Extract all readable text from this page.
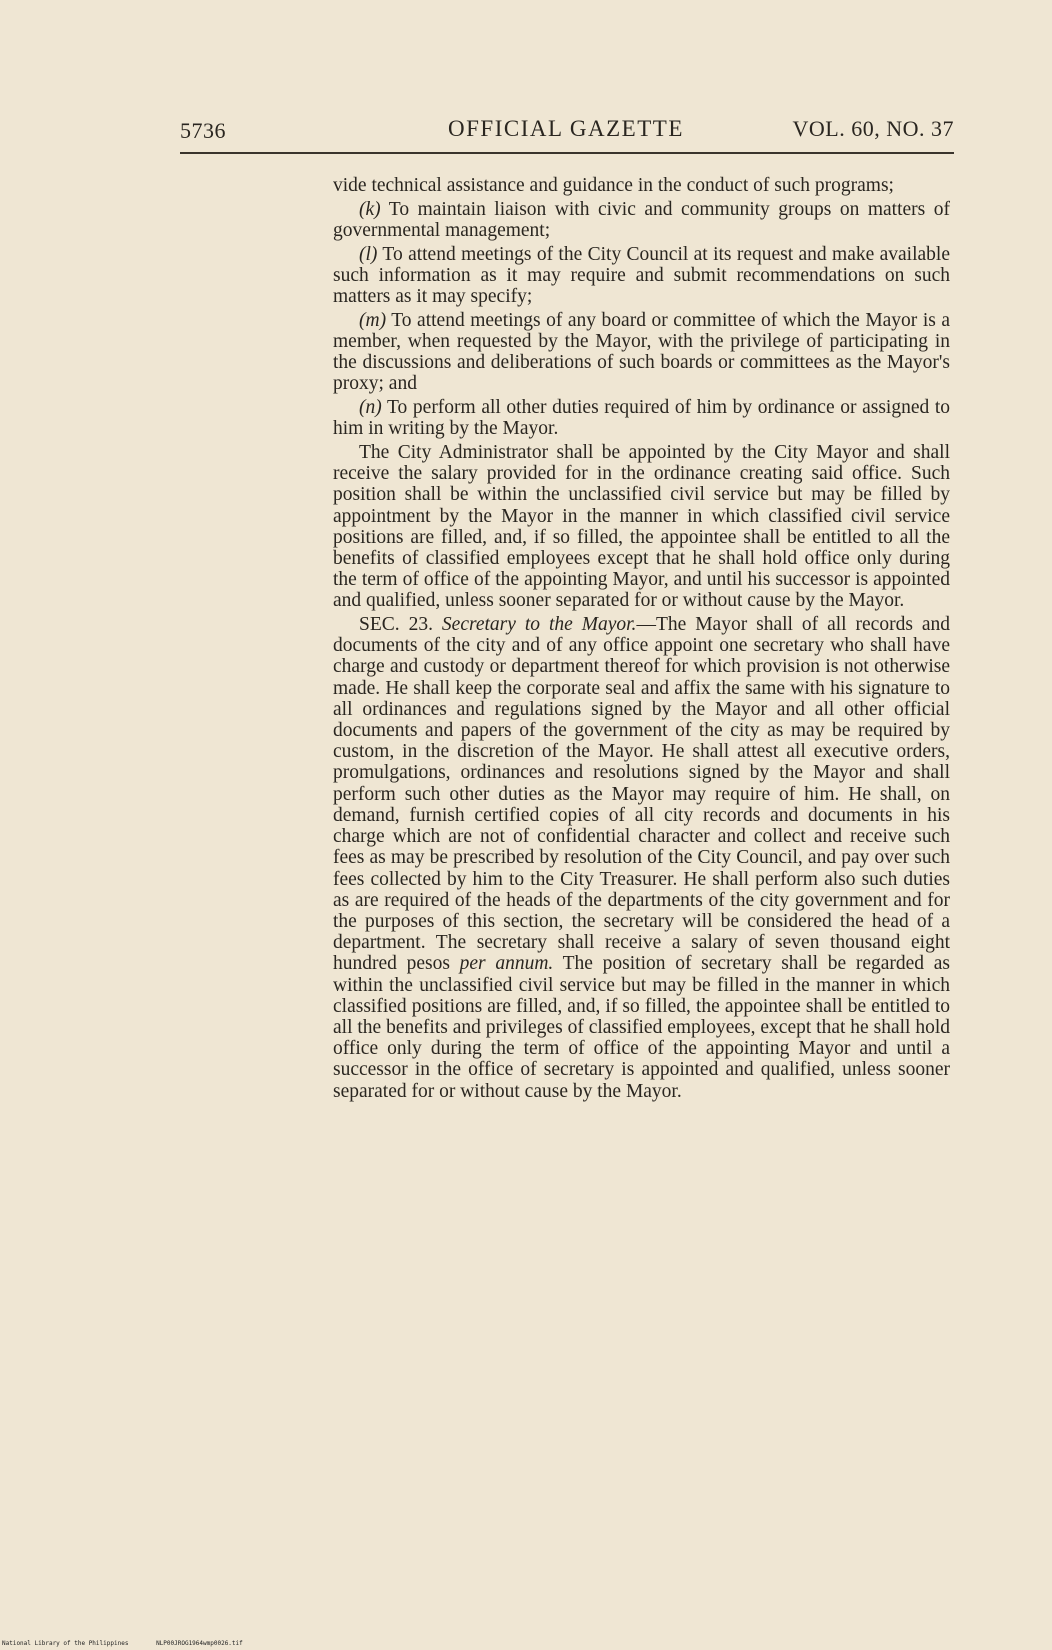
5736	OFFICIAL GAZETTE	VOL. 60, NO. 37

vide technical assistance and guidance in the conduct of such programs;

(k) To maintain liaison with civic and community groups on matters of governmental management;

(l) To attend meetings of the City Council at its request and make available such information as it may require and submit recommendations on such matters as it may specify;

(m) To attend meetings of any board or committee of which the Mayor is a member, when requested by the Mayor, with the privilege of participating in the discussions and deliberations of such boards or committees as the Mayor's proxy; and

(n) To perform all other duties required of him by ordinance or assigned to him in writing by the Mayor.

The City Administrator shall be appointed by the City Mayor and shall receive the salary provided for in the ordinance creating said office. Such position shall be within the unclassified civil service but may be filled by appointment by the Mayor in the manner in which classified civil service positions are filled, and, if so filled, the appointee shall be entitled to all the benefits of classified employees except that he shall hold office only during the term of office of the appointing Mayor, and until his successor is appointed and qualified, unless sooner separated for or without cause by the Mayor.

SEC. 23. Secretary to the Mayor.—The Mayor shall of all records and documents of the city and of any office appoint one secretary who shall have charge and custody or department thereof for which provision is not otherwise made. He shall keep the corporate seal and affix the same with his signature to all ordinances and regulations signed by the Mayor and all other official documents and papers of the government of the city as may be required by custom, in the discretion of the Mayor. He shall attest all executive orders, promulgations, ordinances and resolutions signed by the Mayor and shall perform such other duties as the Mayor may require of him. He shall, on demand, furnish certified copies of all city records and documents in his charge which are not of confidential character and collect and receive such fees as may be prescribed by resolution of the City Council, and pay over such fees collected by him to the City Treasurer. He shall perform also such duties as are required of the heads of the departments of the city government and for the purposes of this section, the secretary will be considered the head of a department. The secretary shall receive a salary of seven thousand eight hundred pesos per annum. The position of secretary shall be regarded as within the unclassified civil service but may be filled in the manner in which classified positions are filled, and, if so filled, the appointee shall be entitled to all the benefits and privileges of classified employees, except that he shall hold office only during the term of office of the appointing Mayor and until a successor in the office of secretary is appointed and qualified, unless sooner separated for or without cause by the Mayor.

National Library of the Philippines	NLP00JROG1964wmp0026.tif
